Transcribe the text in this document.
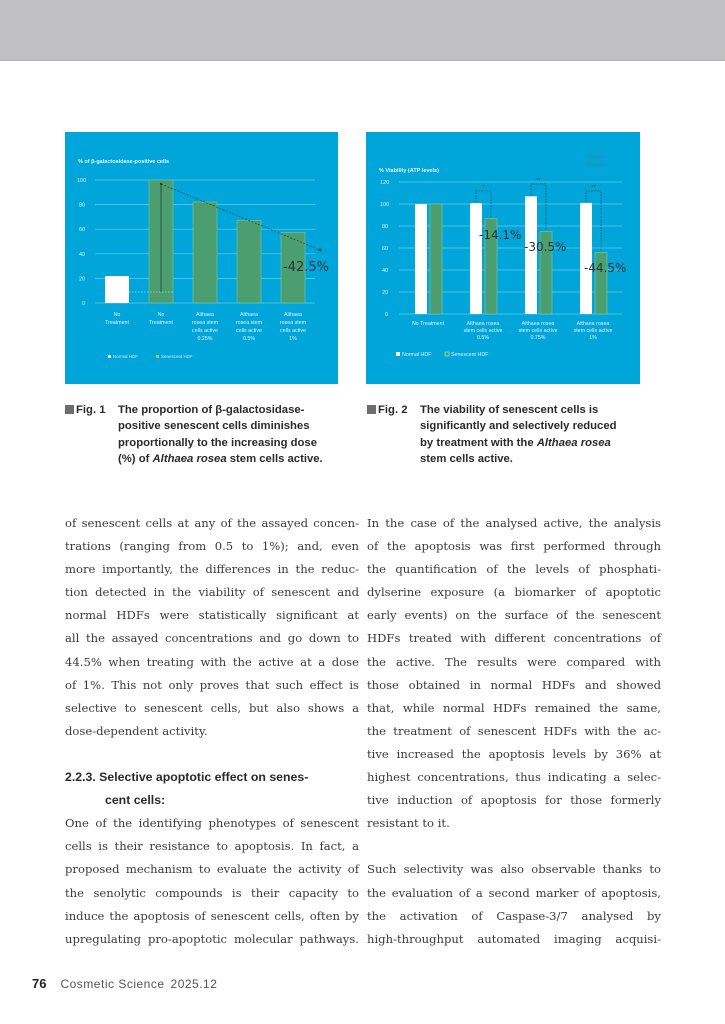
% of β-galactosidase-positive cells
100
80
60
40
20
0
-42.5%
No
Treatment
No
Treatment
Althaea
rosea stem
cells active
0.25%
Althaea
rosea stem
cells active
0.5%
Althaea
rosea stem
cells active
1%
Normal HDF	Senescent HDF
*p<0.05
**p<0.01
% Viability (ATP levels)
120
100
80
60
40
20
0
*
**
**
-14.1%
-30.5%
-44.5%
No Treatment	Althaea rosea
stem cells active
0.5%
Althaea rosea
stem cells active
0.75%
Althaea rosea
stem cells active
1%
Normal HDF	Senescent HDF
Fig. 1 The proportion of β-galactosidase-
positive senescent cells diminishes
proportionally to the increasing dose
(%) of Althaea rosea stem cells active.
Fig. 2 The viability of senescent cells is
significantly and selectively reduced
by treatment with the Althaea rosea
stem cells active.
of senescent cells at any of the assayed concen-
trations (ranging from 0.5 to 1%); and, even
more importantly, the differences in the reduc-
tion detected in the viability of senescent and
normal HDFs were statistically significant at
all the assayed concentrations and go down to
44.5% when treating with the active at a dose
of 1%. This not only proves that such effect is
selective to senescent cells, but also shows a
dose-dependent activity.
2.2.3. Selective apoptotic effect on senes-
cent cells:
One of the identifying phenotypes of senescent
cells is their resistance to apoptosis. In fact, a
proposed mechanism to evaluate the activity of
the senolytic compounds is their capacity to
induce the apoptosis of senescent cells, often by
upregulating pro-apoptotic molecular pathways.
In the case of the analysed active, the analysis
of the apoptosis was first performed through
the quantification of the levels of phosphati-
dylserine exposure (a biomarker of apoptotic
early events) on the surface of the senescent
HDFs treated with different concentrations of
the active. The results were compared with
those obtained in normal HDFs and showed
that, while normal HDFs remained the same,
the treatment of senescent HDFs with the ac-
tive increased the apoptosis levels by 36% at
highest concentrations, thus indicating a selec-
tive induction of apoptosis for those formerly
resistant to it.
Such selectivity was also observable thanks to
the evaluation of a second marker of apoptosis,
the activation of Caspase-3/7 analysed by
high-throughput automated imaging acquisi-
76 Cosmetic Science 2025.12
